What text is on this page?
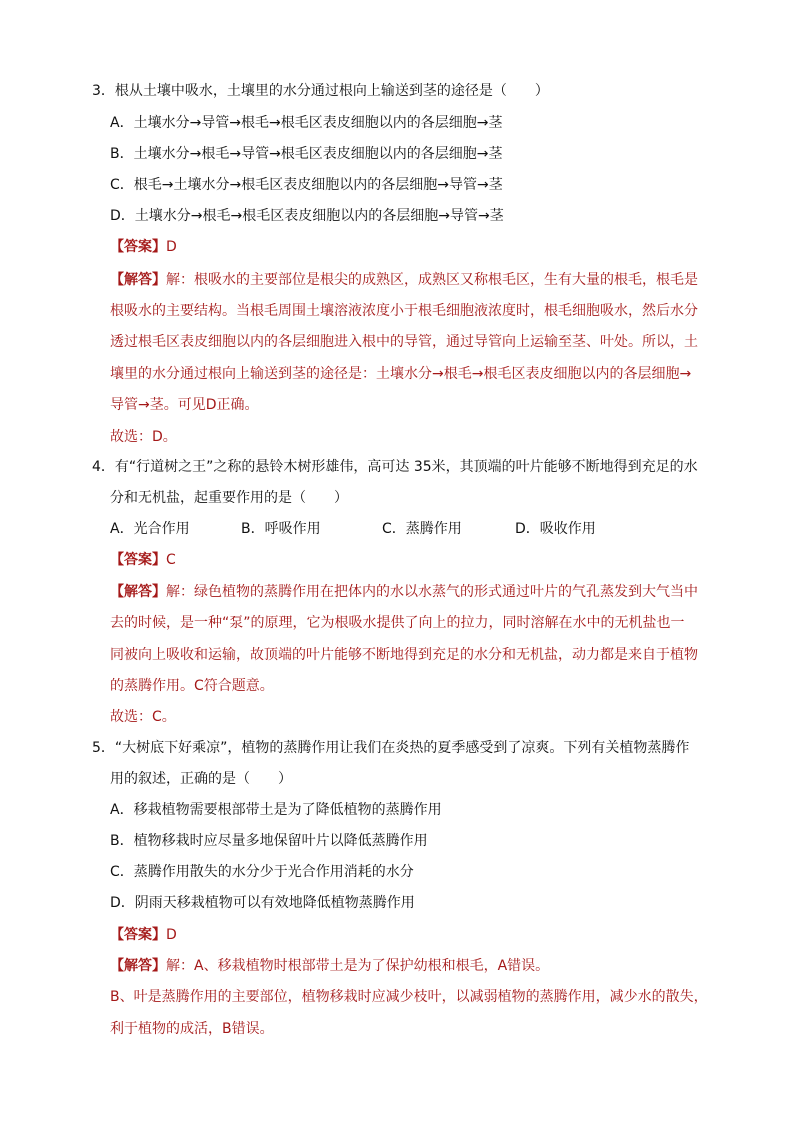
3．根从土壤中吸水，土壤里的水分通过根向上输送到茎的途径是（　　）
A．土壤水分→导管→根毛→根毛区表皮细胞以内的各层细胞→茎
B．土壤水分→根毛→导管→根毛区表皮细胞以内的各层细胞→茎
C．根毛→土壤水分→根毛区表皮细胞以内的各层细胞→导管→茎
D．土壤水分→根毛→根毛区表皮细胞以内的各层细胞→导管→茎
【答案】D
【解答】解：根吸水的主要部位是根尖的成熟区，成熟区又称根毛区，生有大量的根毛，根毛是
根吸水的主要结构。当根毛周围土壤溶液浓度小于根毛细胞液浓度时，根毛细胞吸水，然后水分
透过根毛区表皮细胞以内的各层细胞进入根中的导管，通过导管向上运输至茎、叶处。所以，土
壤里的水分通过根向上输送到茎的途径是：土壤水分→根毛→根毛区表皮细胞以内的各层细胞→
导管→茎。可见D正确。
故选：D。
4．有“行道树之王”之称的悬铃木树形雄伟，高可达 35米，其顶端的叶片能够不断地得到充足的水
分和无机盐，起重要作用的是（　　）
A．光合作用	B．呼吸作用	C．蒸腾作用	D．吸收作用
【答案】C
【解答】解：绿色植物的蒸腾作用在把体内的水以水蒸气的形式通过叶片的气孔蒸发到大气当中
去的时候，是一种“泵”的原理，它为根吸水提供了向上的拉力，同时溶解在水中的无机盐也一
同被向上吸收和运输，故顶端的叶片能够不断地得到充足的水分和无机盐，动力都是来自于植物
的蒸腾作用。C符合题意。
故选：C。
5．“大树底下好乘凉”，植物的蒸腾作用让我们在炎热的夏季感受到了凉爽。下列有关植物蒸腾作
用的叙述，正确的是（　　）
A．移栽植物需要根部带土是为了降低植物的蒸腾作用
B．植物移栽时应尽量多地保留叶片以降低蒸腾作用
C．蒸腾作用散失的水分少于光合作用消耗的水分
D．阴雨天移栽植物可以有效地降低植物蒸腾作用
【答案】D
【解答】解：A、移栽植物时根部带土是为了保护幼根和根毛，A错误。
B、叶是蒸腾作用的主要部位，植物移栽时应减少枝叶，以减弱植物的蒸腾作用，减少水的散失，
利于植物的成活，B错误。
